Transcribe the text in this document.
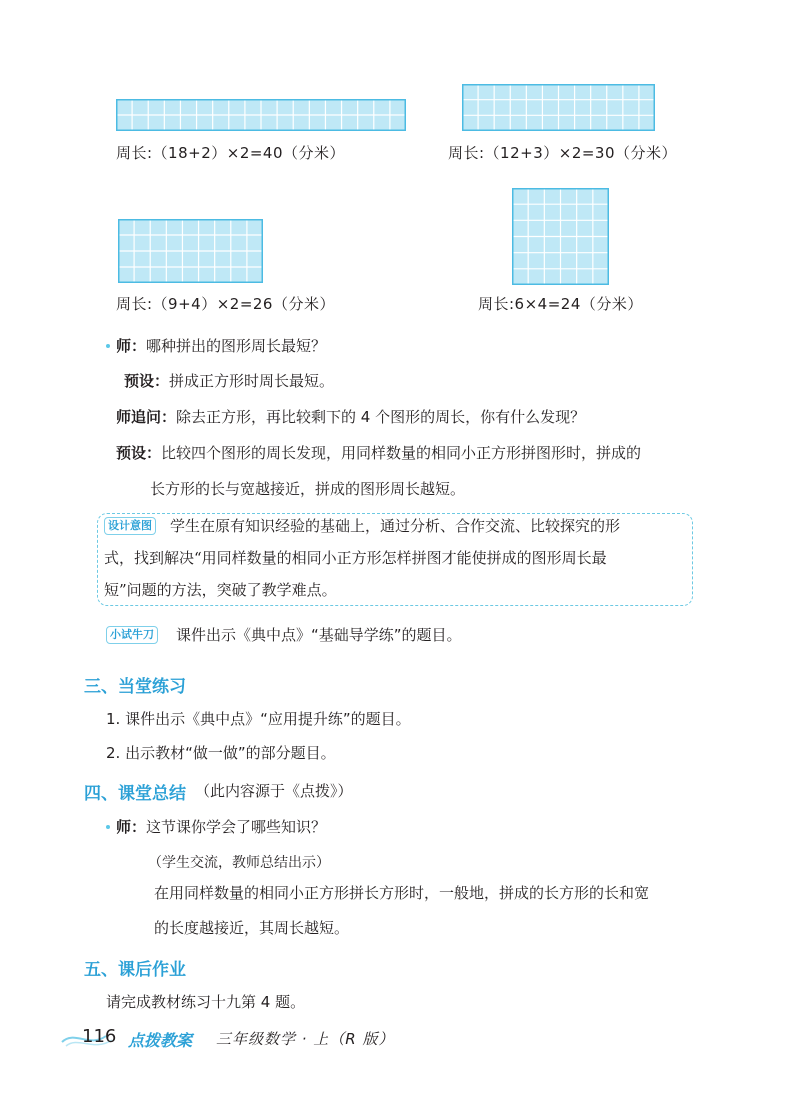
周长:（18+2）×2=40（分米）	周长:（12+3）×2=30（分米）
周长:（9+4）×2=26（分米）	周长:6×4=24（分米）
师：哪种拼出的图形周长最短？
预设：拼成正方形时周长最短。
师追问：除去正方形，再比较剩下的 4 个图形的周长，你有什么发现？
预设：比较四个图形的周长发现，用同样数量的相同小正方形拼图形时，拼成的
长方形的长与宽越接近，拼成的图形周长越短。
设计意图 学生在原有知识经验的基础上，通过分析、合作交流、比较探究的形
式，找到解决“用同样数量的相同小正方形怎样拼图才能使拼成的图形周长最
短”问题的方法，突破了教学难点。
小试牛刀 课件出示《典中点》“基础导学练”的题目。
三、当堂练习
1. 课件出示《典中点》“应用提升练”的题目。
2. 出示教材“做一做”的部分题目。
四、课堂总结 （此内容源于《点拨》）
师：这节课你学会了哪些知识？
（学生交流，教师总结出示）
在用同样数量的相同小正方形拼长方形时，一般地，拼成的长方形的长和宽
的长度越接近，其周长越短。
五、课后作业
请完成教材练习十九第 4 题。
116 点拨教案 三年级数学 · 上（R 版）
